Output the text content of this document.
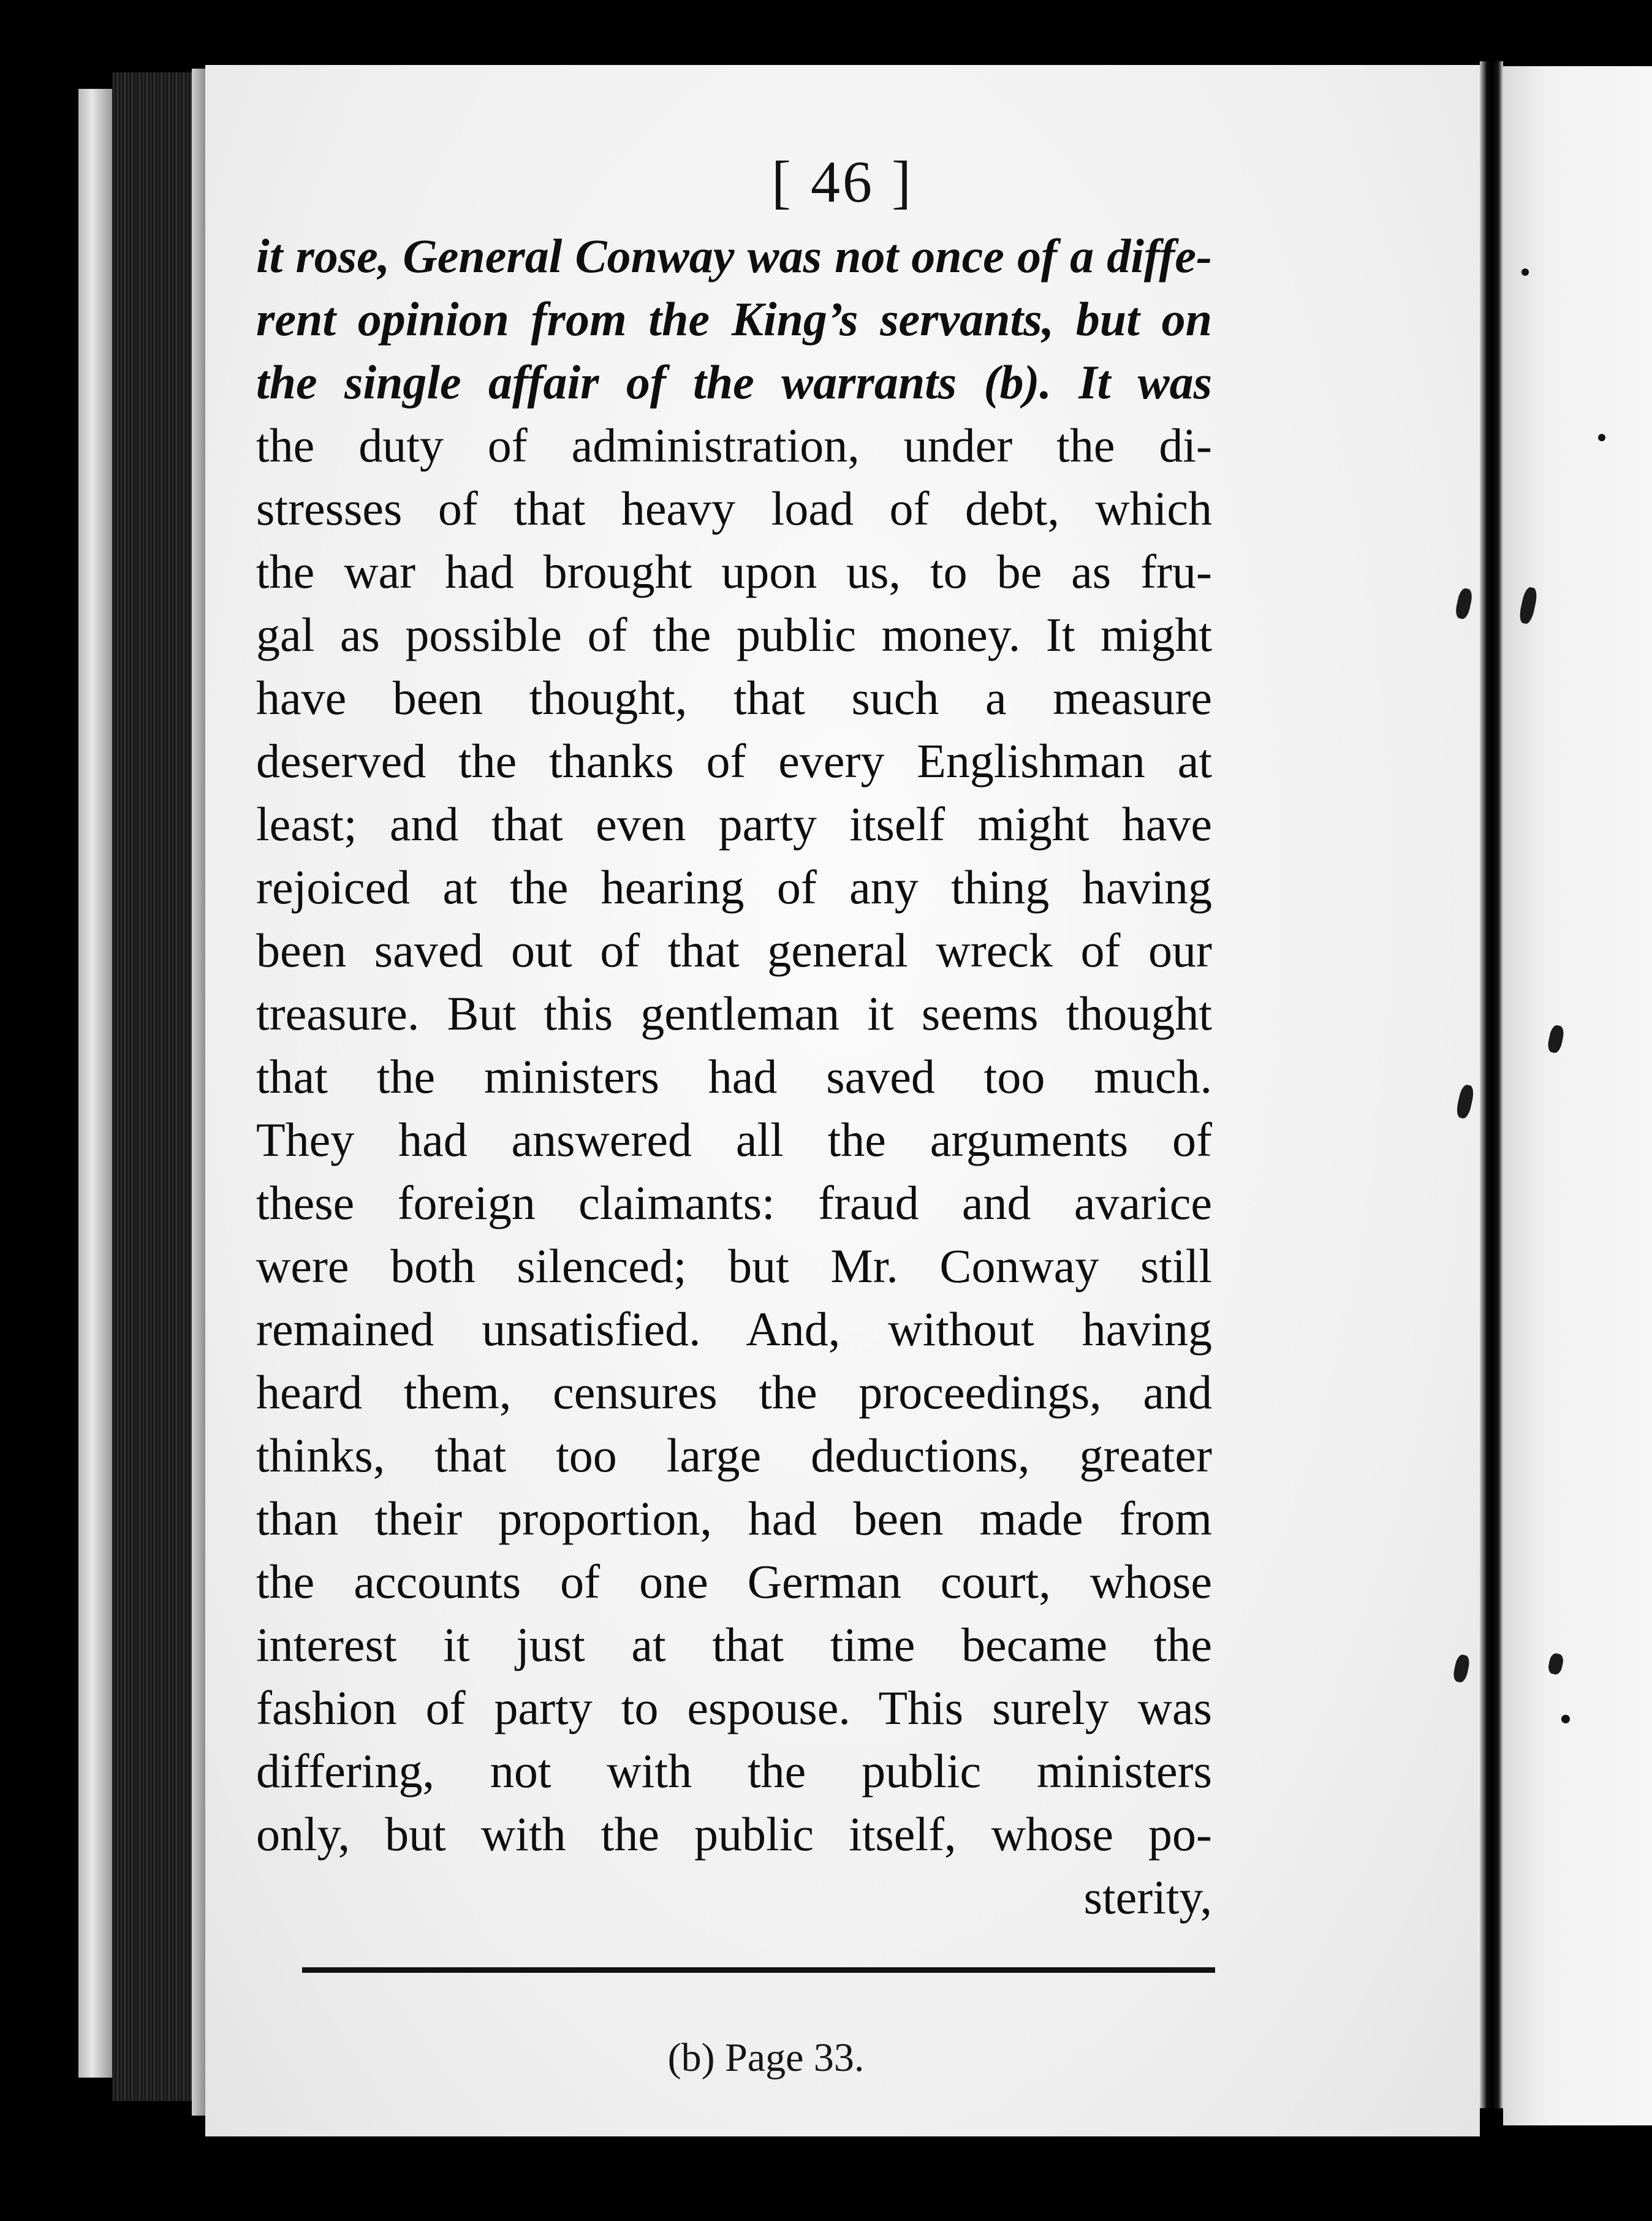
[ 46 ]
it rose, General Conway was not once of a diffe-
rent opinion from the King’s servants, but on
the single affair of the warrants (b). It was
the duty of administration, under the di-
stresses of that heavy load of debt, which
the war had brought upon us, to be as fru-
gal as possible of the public money. It might
have been thought, that such a measure
deserved the thanks of every Englishman at
least; and that even party itself might have
rejoiced at the hearing of any thing having
been saved out of that general wreck of our
treasure. But this gentleman it seems thought
that the ministers had saved too much.
They had answered all the arguments of
these foreign claimants: fraud and avarice
were both silenced; but Mr. Conway still
remained unsatisfied. And, without having
heard them, censures the proceedings, and
thinks, that too large deductions, greater
than their proportion, had been made from
the accounts of one German court, whose
interest it just at that time became the
fashion of party to espouse. This surely was
differing, not with the public ministers
only, but with the public itself, whose po-
sterity,
(b) Page 33.
